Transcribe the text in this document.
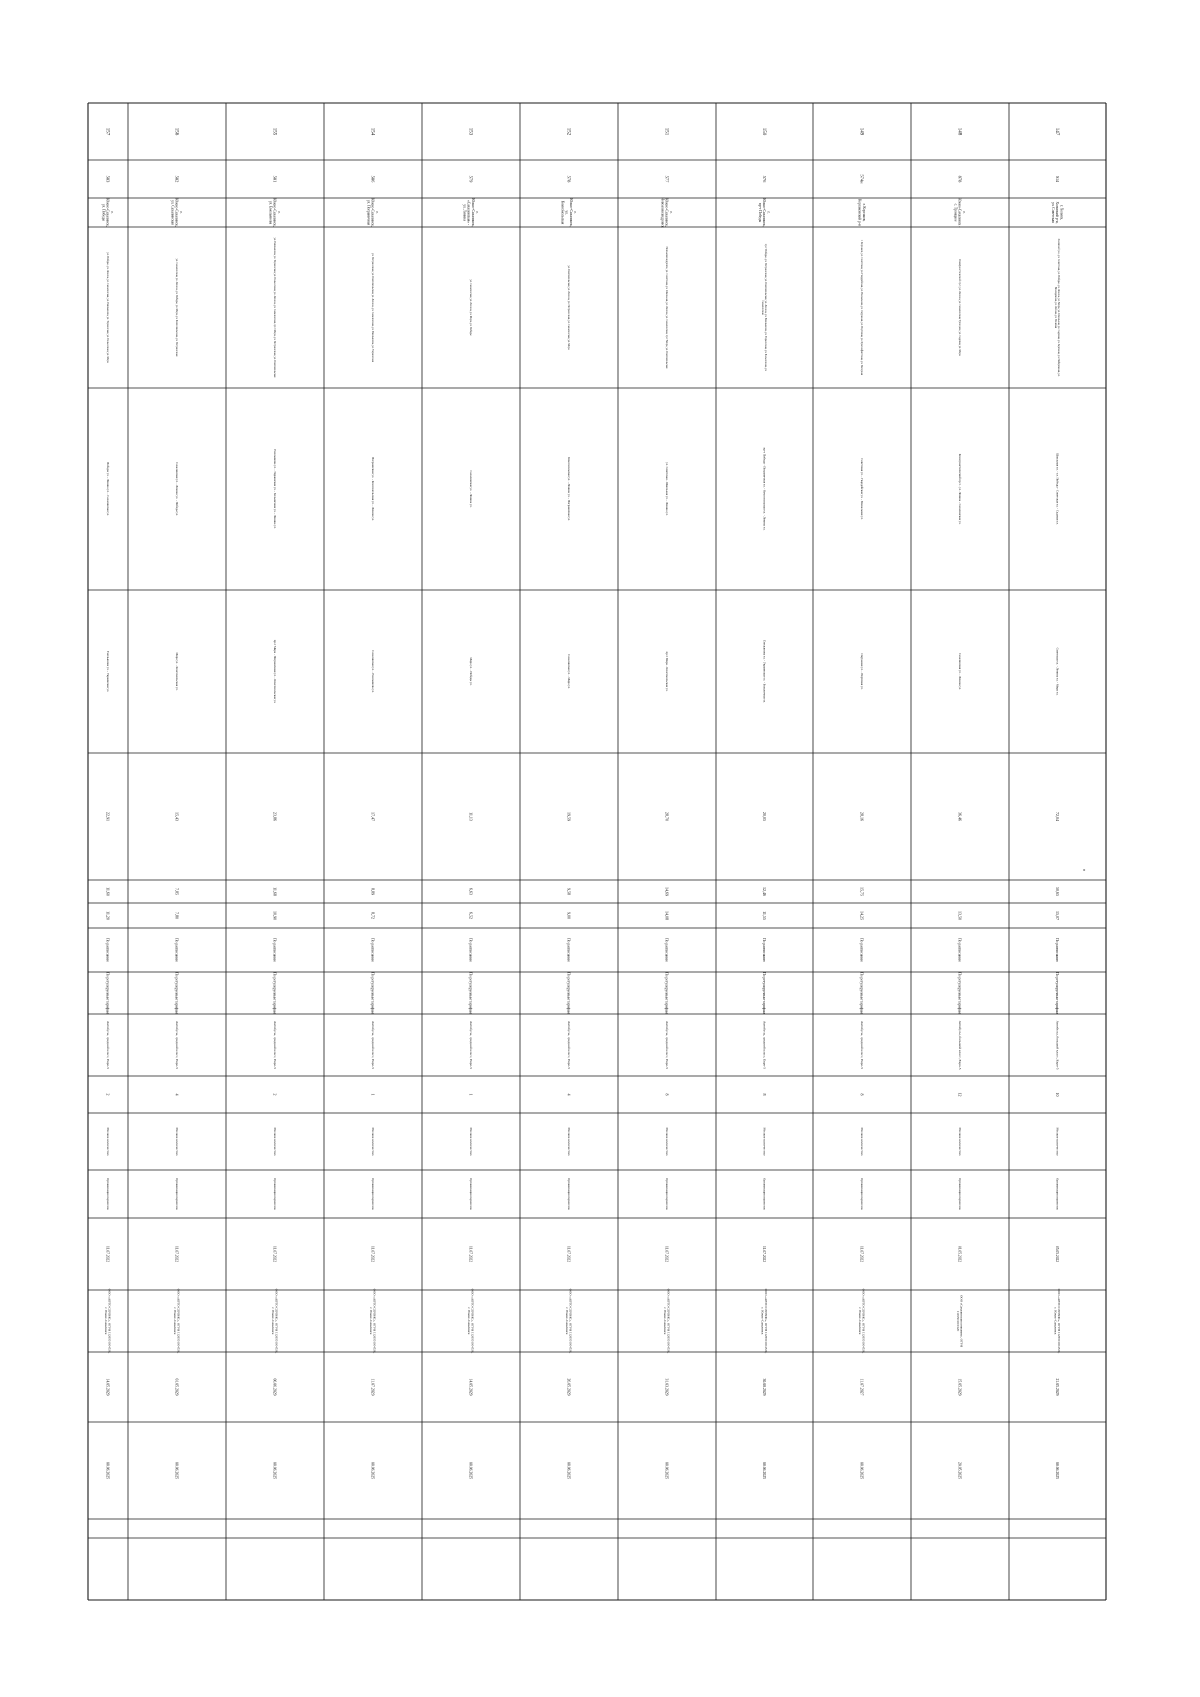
147
Sl4
г. Холмск,Холмский р-н,ул. Советская
Холмский р-н, ул. Советская, ул. Победы, ул. Ленина, ул. Мира, ул. Школьная, ул. Садовая, ул. Заречная, ул. Набережная, ул.Молодежная, ул. Лесная, ул. Полевая
Школьная ул. - ул. Победы - Советская ул. - Садовая ул.
Советская ул. - Ленина ул. - Мира ул.
72,04
50,65
15,07
По расписанию
По регулируемым тарифам
Автобусы, большой класс, Евро-5
10
Мелкое количество
Организация перевозок
05.05.2022
ООО «АВТО СЕРВИС», ОГРН 1126501004530,г. Южно-Сахалинск
21.05.2029
08.06.2025
148
878
г.Южно-Сахалинск -с. Троицкое
Коммунистический пр-т, ул. Ленина, ул. Сахалинская, Троицкое, ул. Садовая, ул. Мира
Коммунистический пр-т - ул. Ленина - Сахалинская ул.
Сахалинская ул. - Ленина ул.
36,46
13,50
По расписанию
По регулируемым тарифам
Автобусы, большой класс, Евро-5
12
Мелкое количество
Организация перевозок
01.05.2022
ООО «Сахалинская компания», ОГРН1116501000120
15.05.2029
20.05.2025
149
574и
г. Корсаков,Корсаковский р-н
г. Корсаков, ул. Советская, ул. Гвардейская, ул. Вокзальная, ул. Окружная, ул. Портовая, ул. Краснофлотская, ул. Нагорная
Советская ул. - Гвардейская ул. - Вокзальная ул.
Окружная ул. - Портовая ул.
28,16
15,75
14,25
По расписанию
По регулируемым тарифам
Автобусы, средний класс, Евро-5
8
Мелкое количество
Организация перевозок
11.07.2022
ООО «АВТО СЕРВИС», ОГРН 1126501004530,г. Южно-Сахалинск
11.07.2027
08.06.2025
150
576
г.Южно-Сахалинск,пр-т Победы
пр-т Победы, ул. Пограничная, ул. Комсомольская, ул. Ленина, ул. Емельянова, ул. Украинская, ул. Больничная, ул.Сахалинская
пр-т Победы - Пограничная ул. - Комсомольская ул. - Ленина ул.
Емельянова ул. - Украинская ул. - Больничная ул.
20,05
12,46
11,55
По расписанию
По регулируемым тарифам
Автобусы, средний класс, Евро-5
8
Мелкое количество
Организация перевозок
11.07.2022
ООО «АВТО СЕРВИС», ОГРН 1126501004530,г. Южно-Сахалинск
30.08.2029
08.06.2025
151
577
г.Южно-Сахалинск,Новоалександровск
Новоалександровск, ул. Советская, ул. Школьная, ул. Ленина, ул. Сахалинская, пр-т Мира, ул. Комсомольская
ул. Советская - Школьная ул. - Ленина ул.
пр-т Мира - Комсомольская ул.
28,70
14,69
14,08
По расписанию
По регулируемым тарифам
Автобусы, средний класс, Евро-5
8
Мелкое количество
Организация перевозок
11.07.2022
ООО «АВТО СЕРВИС», ОГРН 1126501004530,г. Южно-Сахалинск
31.03.2029
08.06.2025
152
578
г.Южно-Сахалинск,ул.Комсомольская
ул. Комсомольская, ул. Ленина, ул. Пограничная, ул. Сахалинская, ул. Мира
Комсомольская ул. - Ленина ул. - Пограничная ул.
Сахалинская ул. - Мира ул.
19,59
9,58
9,00
По расписанию
По регулируемым тарифам
Автобусы, средний класс, Евро-5
4
Мелкое количество
Организация перевозок
11.07.2022
ООО «АВТО СЕРВИС», ОГРН 1126501004530,г. Южно-Сахалинск
26.05.2029
08.06.2025
153
579
г.Южно-Сахалинск,«Сахалинская» -ул. Ленина
ул. Сахалинская, ул. Ленина, ул. Мира, ул. Победы
Сахалинская ул. - Ленина ул.
Мира ул. - Победы ул.
11,13
6,63
6,52
По расписанию
По регулируемым тарифам
Автобусы, средний класс, Евро-5
1
Мелкое количество
Организация перевозок
11.07.2022
ООО «АВТО СЕРВИС», ОГРН 1126501004530,г. Южно-Сахалинск
14.05.2029
08.06.2025
154
586
г.Южно-Сахалинск,ул. Пограничная
ул. Пограничная, ул. Комсомольская, ул. Ленина, ул. Сахалинская, ул. Емельянова, ул. Украинская
Пограничная ул. - Комсомольская ул. - Ленина ул.
Сахалинская ул. - Емельянова ул.
17,47
8,89
8,72
По расписанию
По регулируемым тарифам
Автобусы, средний класс, Евро-5
1
Мелкое количество
Организация перевозок
11.07.2022
ООО «АВТО СЕРВИС», ОГРН 1126501004530,г. Южно-Сахалинск
11.07.2029
08.06.2025
155
581
г.Южно-Сахалинск,ул. Емельянова
ул. Емельянова, ул. Украинская, ул. Больничная, ул. Ленина, ул. Сахалинская, пр-т Мира, ул. Пограничная, ул. Комсомольская
Емельянова ул. - Украинская ул. - Больничная ул. - Ленина ул.
пр-т Мира - Пограничная ул. - Комсомольская ул.
23,86
11,68
10,90
По расписанию
По регулируемым тарифам
Автобусы, средний класс, Евро-5
2
Мелкое количество
Организация перевозок
11.07.2022
ООО «АВТО СЕРВИС», ОГРН 1126501004530,г. Южно-Сахалинск
06.06.2029
08.06.2025
156
582
г.Южно-Сахалинск,ул. Сахалинская
ул. Сахалинская, ул. Ленина, ул. Победы, ул. Мира, ул. Комсомольская, ул. Пограничная
Сахалинская ул. - Ленина ул. - Победы ул.
Мира ул. - Комсомольская ул.
15,43
7,85
7,80
По расписанию
По регулируемым тарифам
Автобусы, средний класс, Евро-5
4
Мелкое количество
Организация перевозок
11.07.2022
ООО «АВТО СЕРВИС», ОГРН 1126501004530,г. Южно-Сахалинск
01.05.2029
08.06.2025
157
583
г.Южно-Сахалинск,ул. Победы
ул. Победы, ул. Ленина, ул. Сахалинская, ул. Емельянова, ул. Украинская, ул. Больничная, ул. Мира
Победы ул. - Ленина ул. - Сахалинская ул.
Емельянова ул. - Украинская ул.
22,91
11,60
11,20
По расписанию
По регулируемым тарифам
Автобусы, средний класс, Евро-5
2
Мелкое количество
Организация перевозок
11.07.2022
ООО «АВТО СЕРВИС», ОГРН 1126501004530,г. Южно-Сахалинск
14.05.2029
08.06.2025
°
